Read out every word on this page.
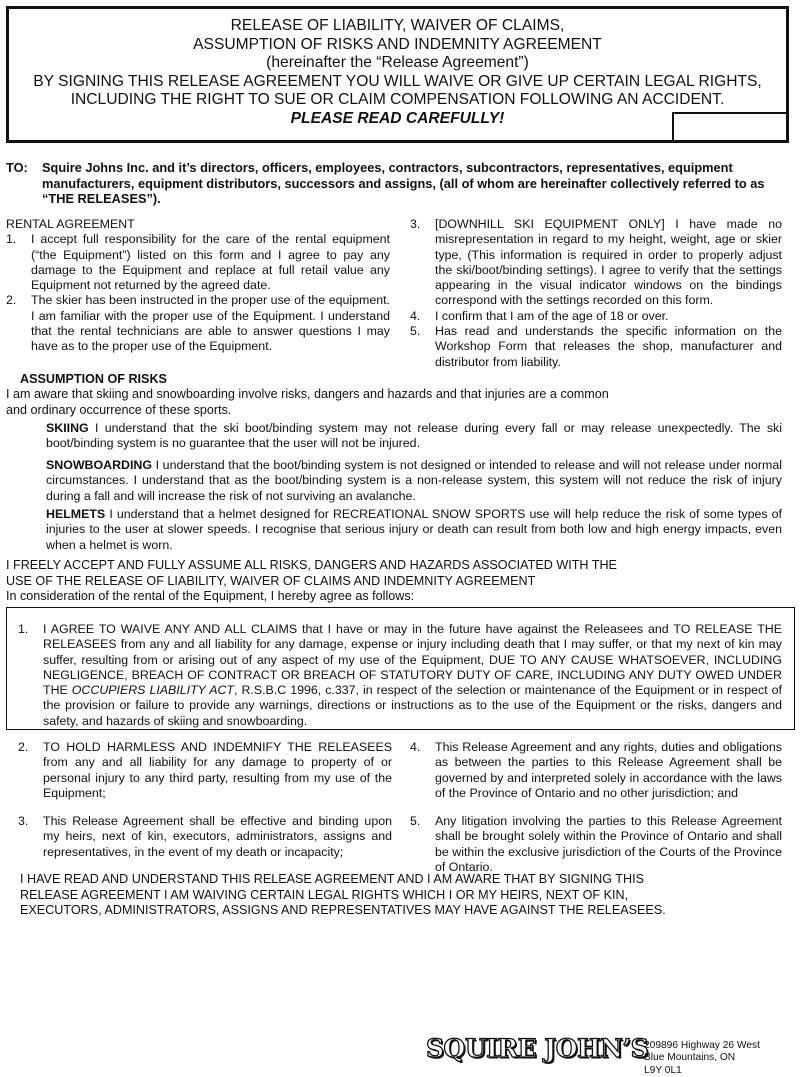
RELEASE OF LIABILITY, WAIVER OF CLAIMS,
ASSUMPTION OF RISKS AND INDEMNITY AGREEMENT
(hereinafter the “Release Agreement”)
BY SIGNING THIS RELEASE AGREEMENT YOU WILL WAIVE OR GIVE UP CERTAIN LEGAL RIGHTS,
INCLUDING THE RIGHT TO SUE OR CLAIM COMPENSATION FOLLOWING AN ACCIDENT.
PLEASE READ CAREFULLY!
TO: Squire Johns Inc. and it’s directors, officers, employees, contractors, subcontractors, representatives, equipment
manufacturers, equipment distributors, successors and assigns, (all of whom are hereinafter collectively referred to as
“THE RELEASES”).
RENTAL AGREEMENT
1.	I accept full responsibility for the care of the rental equipment (“the Equipment”) listed on this form and I agree to pay any damage to the Equipment and replace at full retail value any Equipment not returned by the agreed date.
2.	The skier has been instructed in the proper use of the equipment. I am familiar with the proper use of the Equipment. I understand that the rental technicians are able to answer questions I may have as to the proper use of the Equipment.
3.	[DOWNHILL SKI EQUIPMENT ONLY] I have made no misrepresentation in regard to my height, weight, age or skier type, (This information is required in order to properly adjust the ski/boot/binding settings). I agree to verify that the settings appearing in the visual indicator windows on the bindings correspond with the settings recorded on this form.
4.	I confirm that I am of the age of 18 or over.
5.	Has read and understands the specific information on the Workshop Form that releases the shop, manufacturer and distributor from liability.
ASSUMPTION OF RISKS
I am aware that skiing and snowboarding involve risks, dangers and hazards and that injuries are a common
and ordinary occurrence of these sports.
SKIING I understand that the ski boot/binding system may not release during every fall or may release unexpectedly. The ski boot/binding system is no guarantee that the user will not be injured.
SNOWBOARDING I understand that the boot/binding system is not designed or intended to release and will not release under normal circumstances. I understand that as the boot/binding system is a non-release system, this system will not reduce the risk of injury during a fall and will increase the risk of not surviving an avalanche.
HELMETS I understand that a helmet designed for RECREATIONAL SNOW SPORTS use will help reduce the risk of some types of injuries to the user at slower speeds. I recognise that serious injury or death can result from both low and high energy impacts, even when a helmet is worn.
I FREELY ACCEPT AND FULLY ASSUME ALL RISKS, DANGERS AND HAZARDS ASSOCIATED WITH THE
USE OF THE RELEASE OF LIABILITY, WAIVER OF CLAIMS AND INDEMNITY AGREEMENT
In consideration of the rental of the Equipment, I hereby agree as follows:
1.	I AGREE TO WAIVE ANY AND ALL CLAIMS that I have or may in the future have against the Releasees and TO RELEASE THE RELEASEES from any and all liability for any damage, expense or injury including death that I may suffer, or that my next of kin may suffer, resulting from or arising out of any aspect of my use of the Equipment, DUE TO ANY CAUSE WHATSOEVER, INCLUDING NEGLIGENCE, BREACH OF CONTRACT OR BREACH OF STATUTORY DUTY OF CARE, INCLUDING ANY DUTY OWED UNDER THE OCCUPIERS LIABILITY ACT, R.S.B.C 1996, c.337, in respect of the selection or maintenance of the Equipment or in respect of the provision or failure to provide any warnings, directions or instructions as to the use of the Equipment or the risks, dangers and safety, and hazards of skiing and snowboarding.
2.	TO HOLD HARMLESS AND INDEMNIFY THE RELEASEES from any and all liability for any damage to property of or personal injury to any third party, resulting from my use of the Equipment;
3.	This Release Agreement shall be effective and binding upon my heirs, next of kin, executors, administrators, assigns and representatives, in the event of my death or incapacity;
4.	This Release Agreement and any rights, duties and obligations as between the parties to this Release Agreement shall be governed by and interpreted solely in accordance with the laws of the Province of Ontario and no other jurisdiction; and
5.	Any litigation involving the parties to this Release Agreement shall be brought solely within the Province of Ontario and shall be within the exclusive jurisdiction of the Courts of the Province of Ontario.
I HAVE READ AND UNDERSTAND THIS RELEASE AGREEMENT AND I AM AWARE THAT BY SIGNING THIS
RELEASE AGREEMENT I AM WAIVING CERTAIN LEGAL RIGHTS WHICH I OR MY HEIRS, NEXT OF KIN,
EXECUTORS, ADMINISTRATORS, ASSIGNS AND REPRESENTATIVES MAY HAVE AGAINST THE RELEASEES.
SQUIRE JOHN’S
209896 Highway 26 West
Blue Mountains, ON
L9Y 0L1
